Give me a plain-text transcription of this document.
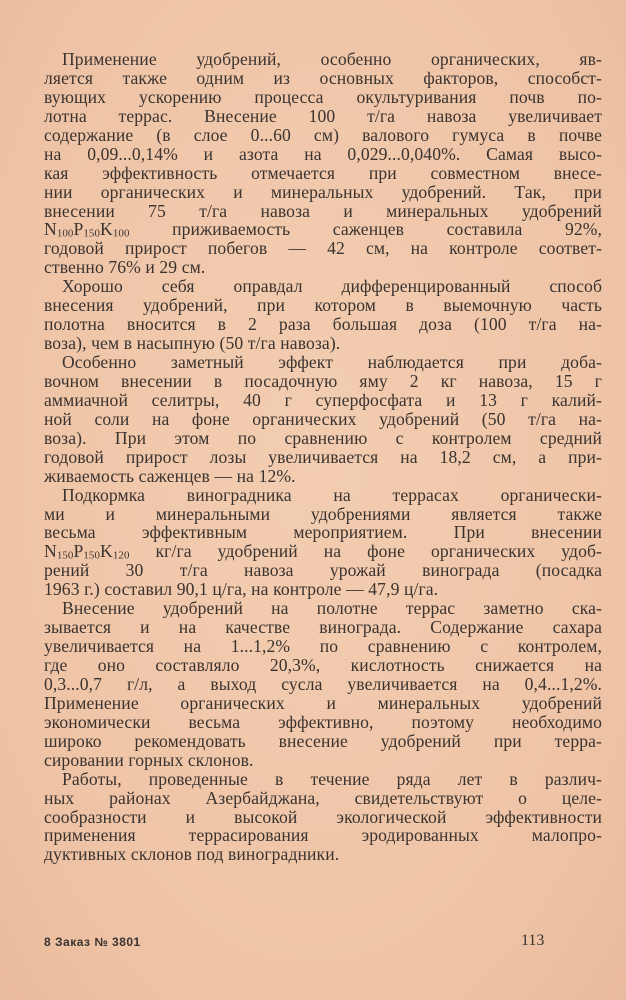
Применение удобрений, особенно органических, яв-
ляется также одним из основных факторов, способст-
вующих ускорению процесса окультуривания почв по-
лотна террас. Внесение 100 т/га навоза увеличивает
содержание (в слое 0...60 см) валового гумуса в почве
на 0,09...0,14% и азота на 0,029...0,040%. Самая высо-
кая эффективность отмечается при совместном внесе-
нии органических и минеральных удобрений. Так, при
внесении 75 т/га навоза и минеральных удобрений
$N_{100}P_{150}K_{100}$ приживаемость саженцев составила 92%,
годовой прирост побегов — 42 см, на контроле соответ-
ственно 76% и 29 см.
Хорошо себя оправдал дифференцированный способ
внесения удобрений, при котором в выемочную часть
полотна вносится в 2 раза большая доза (100 т/га на-
воза), чем в насыпную (50 т/га навоза).
Особенно заметный эффект наблюдается при доба-
вочном внесении в посадочную яму 2 кг навоза, 15 г
аммиачной селитры, 40 г суперфосфата и 13 г калий-
ной соли на фоне органических удобрений (50 т/га на-
воза). При этом по сравнению с контролем средний
годовой прирост лозы увеличивается на 18,2 см, а при-
живаемость саженцев — на 12%.
Подкормка виноградника на террасах органически-
ми и минеральными удобрениями является также
весьма эффективным мероприятием. При внесении
$N_{150}P_{150}K_{120}$ кг/га удобрений на фоне органических удоб-
рений 30 т/га навоза урожай винограда (посадка
1963 г.) составил 90,1 ц/га, на контроле — 47,9 ц/га.
Внесение удобрений на полотне террас заметно ска-
зывается и на качестве винограда. Содержание сахара
увеличивается на 1...1,2% по сравнению с контролем,
где оно составляло 20,3%, кислотность снижается на
0,3...0,7 г/л, а выход сусла увеличивается на 0,4...1,2%.
Применение органических и минеральных удобрений
экономически весьма эффективно, поэтому необходимо
широко рекомендовать внесение удобрений при терра-
сировании горных склонов.
Работы, проведенные в течение ряда лет в различ-
ных районах Азербайджана, свидетельствуют о целе-
сообразности и высокой экологической эффективности
применения террасирования эродированных малопро-
дуктивных склонов под виноградники.
8 Заказ № 3801	113
